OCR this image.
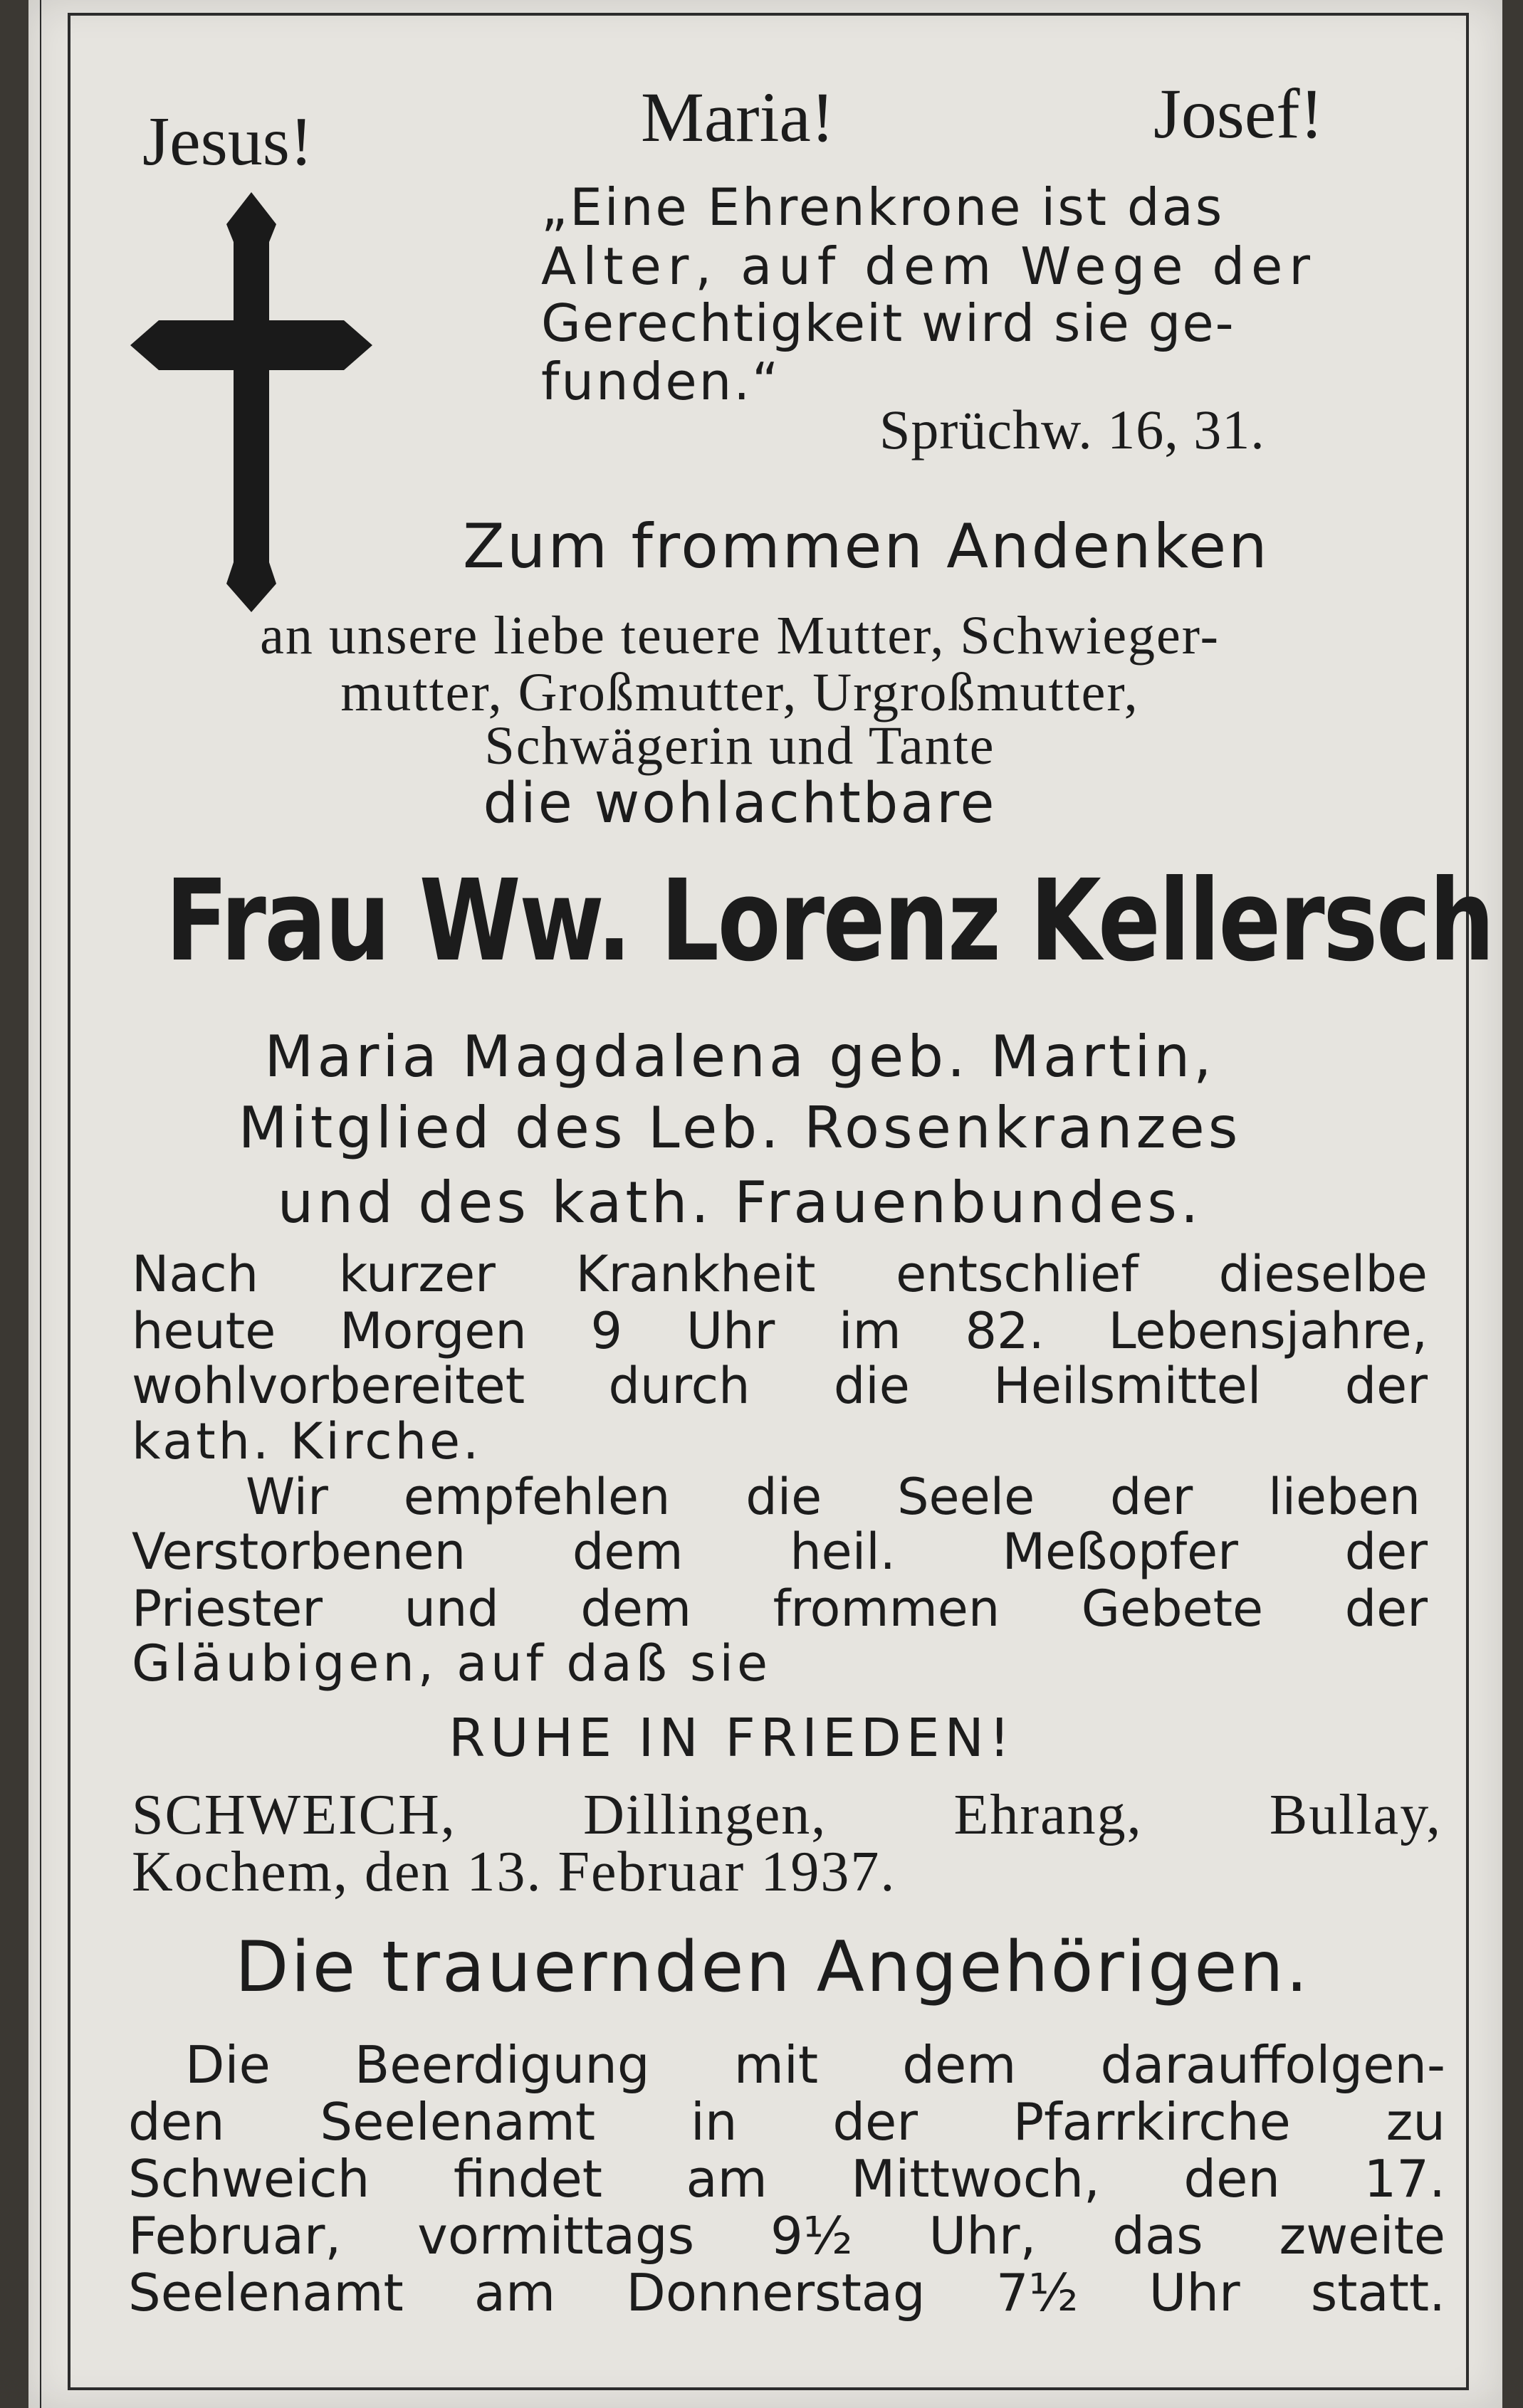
Jesus!	Maria!	Josef!

„Eine Ehrenkrone ist das

Alter, auf dem Wege der

Gerechtigkeit wird sie ge-

funden.“

Sprüchw. 16, 31.

Zum frommen Andenken

an unsere liebe teuere Mutter, Schwieger-

mutter, Großmutter, Urgroßmutter,

Schwägerin und Tante

die wohlachtbare

Frau Ww. Lorenz Kellersch

Maria Magdalena geb. Martin,

Mitglied des Leb. Rosenkranzes

und des kath. Frauenbundes.

Nach kurzer Krankheit entschlief dieselbe

heute Morgen 9 Uhr im 82. Lebensjahre,

wohlvorbereitet durch die Heilsmittel der

kath. Kirche.

Wir empfehlen die Seele der lieben

Verstorbenen dem heil. Meßopfer der

Priester und dem frommen Gebete der

Gläubigen, auf daß sie

RUHE IN FRIEDEN!

SCHWEICH, Dillingen, Ehrang, Bullay,

Kochem, den 13. Februar 1937.

Die trauernden Angehörigen.

Die Beerdigung mit dem darauffolgen-

den Seelenamt in der Pfarrkirche zu

Schweich findet am Mittwoch, den 17.

Februar, vormittags 9½ Uhr, das zweite

Seelenamt am Donnerstag 7½ Uhr statt.
